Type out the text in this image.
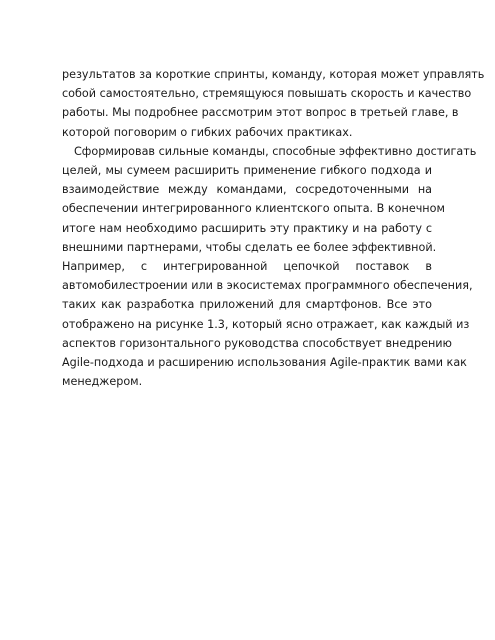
результатов за короткие спринты, команду, которая может управлять
собой самостоятельно, стремящуюся повышать скорость и качество
работы. Мы подробнее рассмотрим этот вопрос в третьей главе, в
которой поговорим о гибких рабочих практиках.

Сформировав сильные команды, способные эффективно достигать
целей, мы сумеем расширить применение гибкого подхода и
взаимодействие между командами, сосредоточенными на
обеспечении интегрированного клиентского опыта. В конечном
итоге нам необходимо расширить эту практику и на работу с
внешними партнерами, чтобы сделать ее более эффективной.
Например, с интегрированной цепочкой поставок в
автомобилестроении или в экосистемах программного обеспечения,
таких как разработка приложений для смартфонов. Все это
отображено на рисунке 1.3, который ясно отражает, как каждый из
аспектов горизонтального руководства способствует внедрению
Agile-подхода и расширению использования Agile-практик вами как
менеджером.
